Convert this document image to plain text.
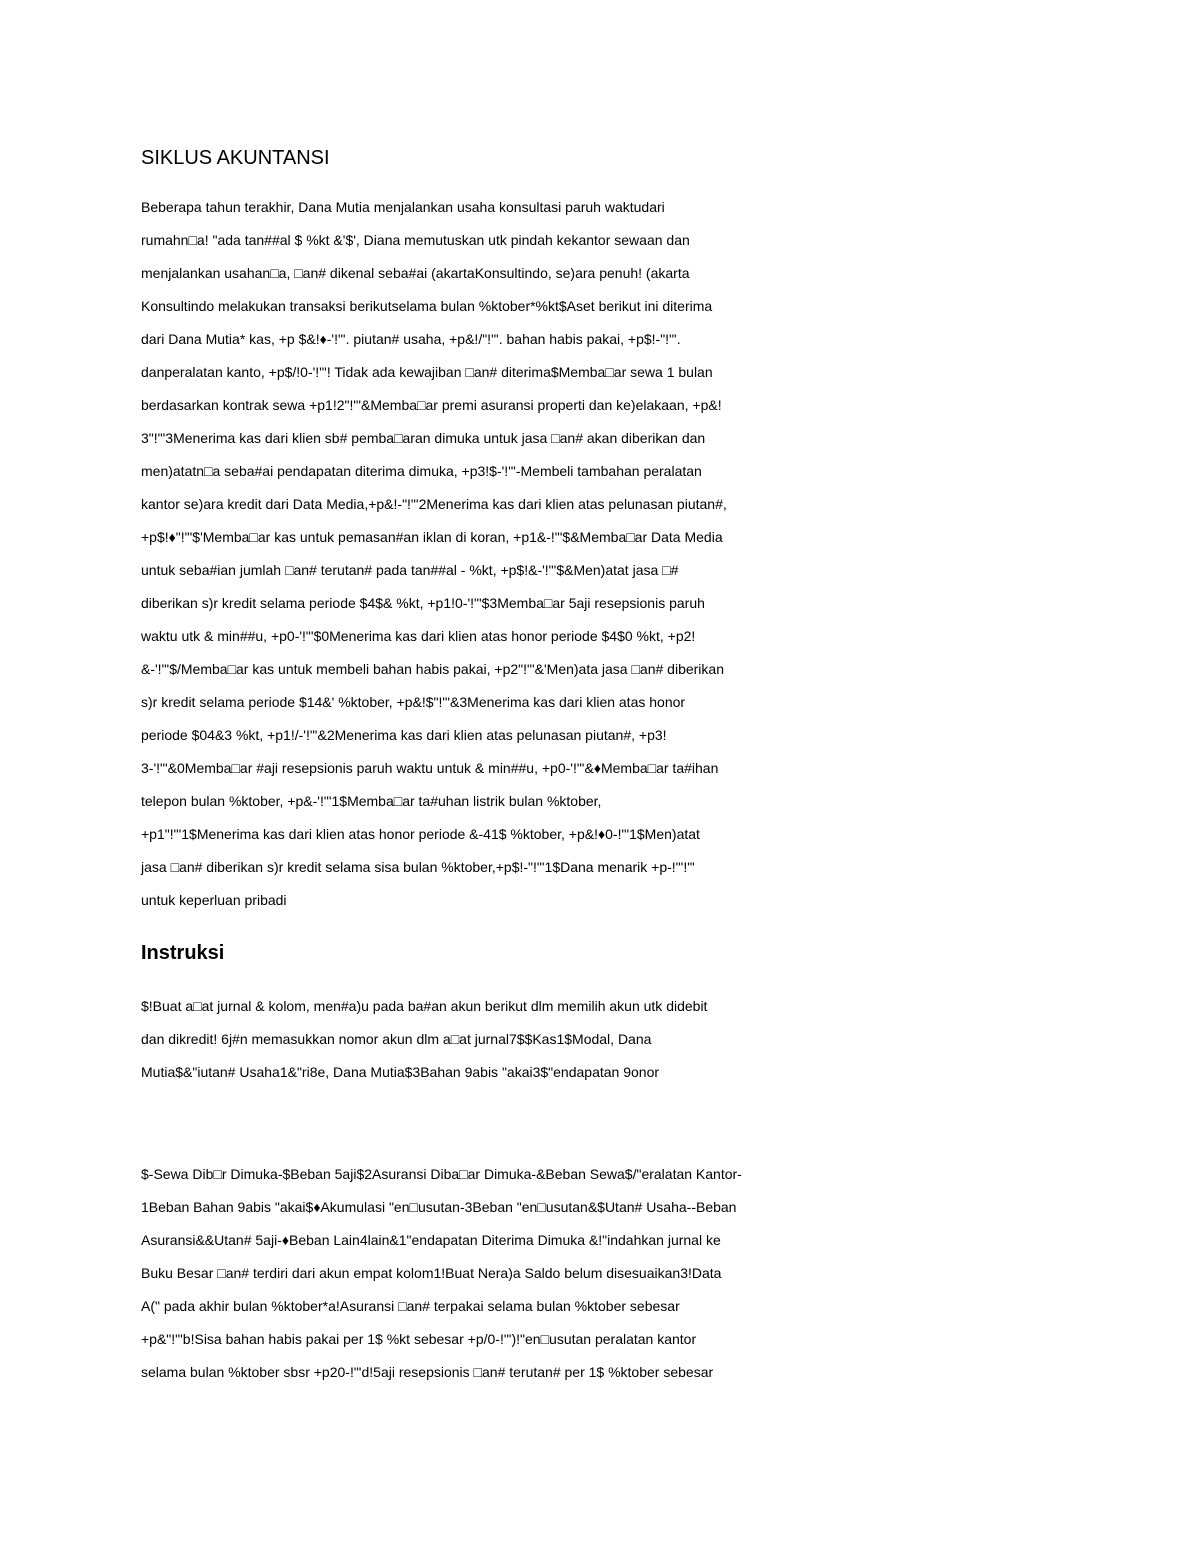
SIKLUS AKUNTANSI

Beberapa tahun terakhir, Dana Mutia menjalankan usaha konsultasi paruh waktudari
rumahn□a! "ada tan##al $ %kt &'$', Diana memutuskan utk pindah kekantor sewaan dan
menjalankan usahan□a, □an# dikenal seba#ai (akartaKonsultindo, se)ara penuh! (akarta
Konsultindo melakukan transaksi berikutselama bulan %ktober*%kt$Aset berikut ini diterima
dari Dana Mutia* kas, +p $&!♦-'!"'. piutan# usaha, +p&!/"!"'. bahan habis pakai, +p$!-"!"'.
danperalatan kanto, +p$/!0-'!"'! Tidak ada kewajiban □an# diterima$Memba□ar sewa 1 bulan
berdasarkan kontrak sewa +p1!2"!"'&Memba□ar premi asuransi properti dan ke)elakaan, +p&!
3"!"'3Menerima kas dari klien sb# pemba□aran dimuka untuk jasa □an# akan diberikan dan
men)atatn□a seba#ai pendapatan diterima dimuka, +p3!$-'!"'-Membeli tambahan peralatan
kantor se)ara kredit dari Data Media,+p&!-"!"'2Menerima kas dari klien atas pelunasan piutan#,
+p$!♦"!"'$'Memba□ar kas untuk pemasan#an iklan di koran, +p1&-!"'$&Memba□ar Data Media
untuk seba#ian jumlah □an# terutan# pada tan##al - %kt, +p$!&-'!"'$&Men)atat jasa □#
diberikan s)r kredit selama periode $4$& %kt, +p1!0-'!"'$3Memba□ar 5aji resepsionis paruh
waktu utk & min##u, +p0-'!"'$0Menerima kas dari klien atas honor periode $4$0 %kt, +p2!
&-'!"'$/Memba□ar kas untuk membeli bahan habis pakai, +p2"!"'&'Men)ata jasa □an# diberikan
s)r kredit selama periode $14&' %ktober, +p&!$"!"'&3Menerima kas dari klien atas honor
periode $04&3 %kt, +p1!/-'!"'&2Menerima kas dari klien atas pelunasan piutan#, +p3!
3-'!"'&0Memba□ar #aji resepsionis paruh waktu untuk & min##u, +p0-'!"'&♦Memba□ar ta#ihan
telepon bulan %ktober, +p&-'!"'1$Memba□ar ta#uhan listrik bulan %ktober,
+p1"!"'1$Menerima kas dari klien atas honor periode &-41$ %ktober, +p&!♦0-!"'1$Men)atat
jasa □an# diberikan s)r kredit selama sisa bulan %ktober,+p$!-"!"'1$Dana menarik +p-!"'!"'
untuk keperluan pribadi

Instruksi

$!Buat a□at jurnal & kolom, men#a)u pada ba#an akun berikut dlm memilih akun utk didebit
dan dikredit! 6j#n memasukkan nomor akun dlm a□at jurnal7$$Kas1$Modal, Dana
Mutia$&"iutan# Usaha1&"ri8e, Dana Mutia$3Bahan 9abis "akai3$"endapatan 9onor

$-Sewa Dib□r Dimuka-$Beban 5aji$2Asuransi Diba□ar Dimuka-&Beban Sewa$/"eralatan Kantor-
1Beban Bahan 9abis "akai$♦Akumulasi "en□usutan-3Beban "en□usutan&$Utan# Usaha--Beban
Asuransi&&Utan# 5aji-♦Beban Lain4lain&1"endapatan Diterima Dimuka &!"indahkan jurnal ke
Buku Besar □an# terdiri dari akun empat kolom1!Buat Nera)a Saldo belum disesuaikan3!Data
A(" pada akhir bulan %ktober*a!Asuransi □an# terpakai selama bulan %ktober sebesar
+p&"!"'b!Sisa bahan habis pakai per 1$ %kt sebesar +p/0-!"')!"en□usutan peralatan kantor
selama bulan %ktober sbsr +p20-!"'d!5aji resepsionis □an# terutan# per 1$ %ktober sebesar
